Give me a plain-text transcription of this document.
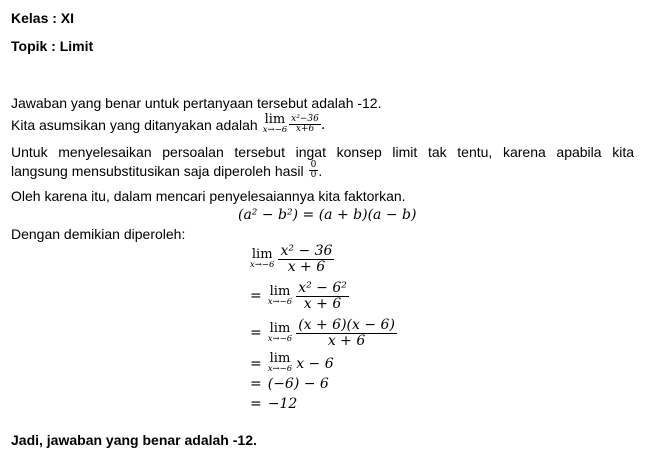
Kelas : XI
Topik : Limit
Jawaban yang benar untuk pertanyaan tersebut adalah -12.
Kita asumsikan yang ditanyakan adalah lim
$x\to-6 \frac{\text{x²−36}}{x+6}$ .
Untuk menyelesaikan persoalan tersebut ingat konsep limit tak tentu, karena apabila kita
langsung mensubstitusikan saja diperoleh hasil $\frac{0}{0}$ .
Oleh karena itu, dalam mencari penyelesaiannya kita faktorkan.
(a² − b²) = (a + b)(a − b)
Dengan demikian diperoleh:
lim
$x\to-6 \frac{\text{x² − 36}}{x + 6}$
= lim
$x\to-6 \frac{\text{x² − 6²}}{x + 6}$
= lim
$x\to-6 \frac{(x + 6)(x - 6)}{x + 6}$
= lim
x→−6 x − 6
= (−6) − 6
= −12
Jadi, jawaban yang benar adalah -12.
